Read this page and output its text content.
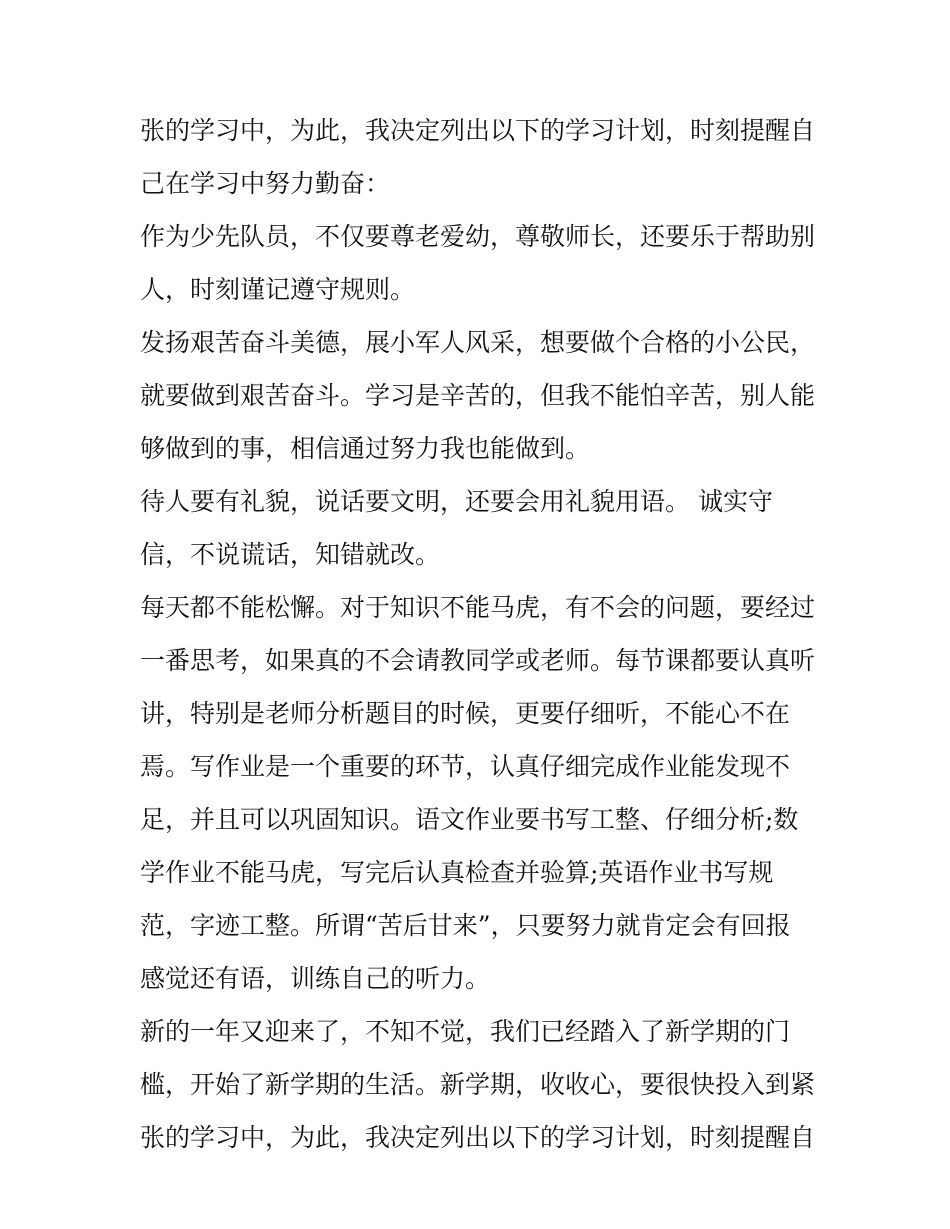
张的学习中，为此，我决定列出以下的学习计划，时刻提醒自
己在学习中努力勤奋：
作为少先队员，不仅要尊老爱幼，尊敬师长，还要乐于帮助别
人，时刻谨记遵守规则。
发扬艰苦奋斗美德，展小军人风采，想要做个合格的小公民，
就要做到艰苦奋斗。学习是辛苦的，但我不能怕辛苦，别人能
够做到的事，相信通过努力我也能做到。
待人要有礼貌，说话要文明，还要会用礼貌用语。 诚实守
信，不说谎话，知错就改。
每天都不能松懈。对于知识不能马虎，有不会的问题，要经过
一番思考，如果真的不会请教同学或老师。每节课都要认真听
讲，特别是老师分析题目的时候，更要仔细听，不能心不在
焉。写作业是一个重要的环节，认真仔细完成作业能发现不
足，并且可以巩固知识。语文作业要书写工整、仔细分析;数
学作业不能马虎，写完后认真检查并验算;英语作业书写规
范，字迹工整。所谓“苦后甘来”，只要努力就肯定会有回报
感觉还有语，训练自己的听力。
新的一年又迎来了，不知不觉，我们已经踏入了新学期的门
槛，开始了新学期的生活。新学期，收收心，要很快投入到紧
张的学习中，为此，我决定列出以下的学习计划，时刻提醒自
